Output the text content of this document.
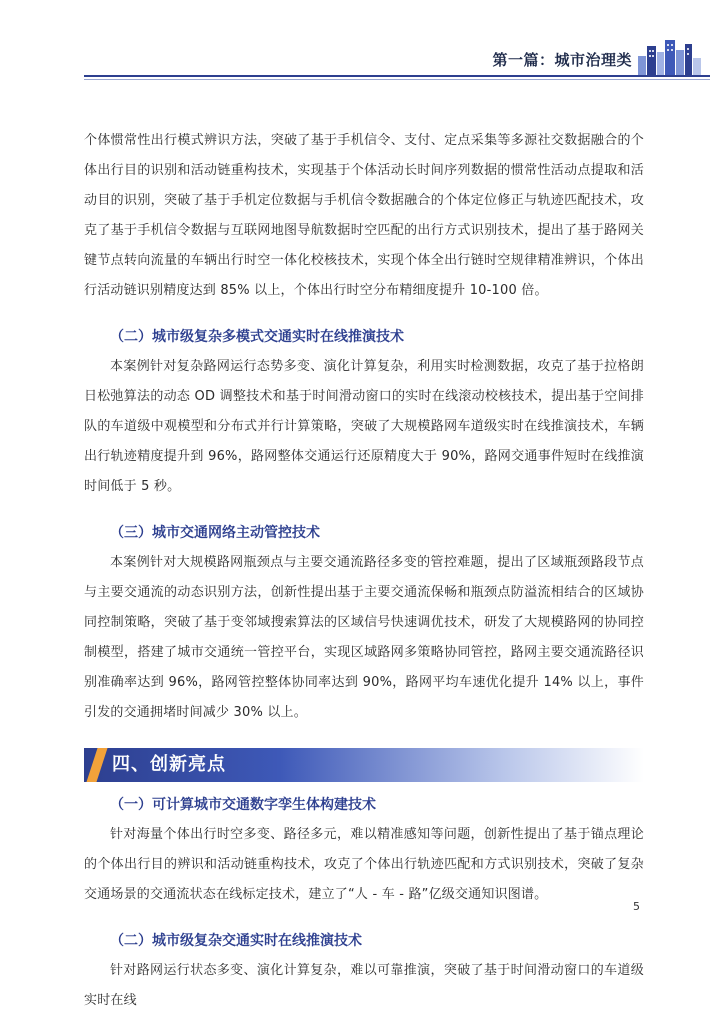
第一篇：城市治理类

个体惯常性出行模式辨识方法，突破了基于手机信令、支付、定点采集等多源社交数据融合的个体出行目的识别和活动链重构技术，实现基于个体活动长时间序列数据的惯常性活动点提取和活动目的识别，突破了基于手机定位数据与手机信令数据融合的个体定位修正与轨迹匹配技术，攻克了基于手机信令数据与互联网地图导航数据时空匹配的出行方式识别技术，提出了基于路网关键节点转向流量的车辆出行时空一体化校核技术，实现个体全出行链时空规律精准辨识，个体出行活动链识别精度达到 85% 以上，个体出行时空分布精细度提升 10-100 倍。

（二）城市级复杂多模式交通实时在线推演技术

本案例针对复杂路网运行态势多变、演化计算复杂，利用实时检测数据，攻克了基于拉格朗日松弛算法的动态 OD 调整技术和基于时间滑动窗口的实时在线滚动校核技术，提出基于空间排队的车道级中观模型和分布式并行计算策略，突破了大规模路网车道级实时在线推演技术，车辆出行轨迹精度提升到 96%，路网整体交通运行还原精度大于 90%，路网交通事件短时在线推演时间低于 5 秒。

（三）城市交通网络主动管控技术

本案例针对大规模路网瓶颈点与主要交通流路径多变的管控难题，提出了区域瓶颈路段节点与主要交通流的动态识别方法，创新性提出基于主要交通流保畅和瓶颈点防溢流相结合的区域协同控制策略，突破了基于变邻域搜索算法的区域信号快速调优技术，研发了大规模路网的协同控制模型，搭建了城市交通统一管控平台，实现区域路网多策略协同管控，路网主要交通流路径识别准确率达到 96%，路网管控整体协同率达到 90%，路网平均车速优化提升 14% 以上，事件引发的交通拥堵时间减少 30% 以上。

四、创新亮点
（一）可计算城市交通数字孪生体构建技术

针对海量个体出行时空多变、路径多元，难以精准感知等问题，创新性提出了基于锚点理论的个体出行目的辨识和活动链重构技术，攻克了个体出行轨迹匹配和方式识别技术，突破了复杂交通场景的交通流状态在线标定技术，建立了“人 - 车 - 路”亿级交通知识图谱。

（二）城市级复杂交通实时在线推演技术

针对路网运行状态多变、演化计算复杂，难以可靠推演，突破了基于时间滑动窗口的车道级实时在线

5
